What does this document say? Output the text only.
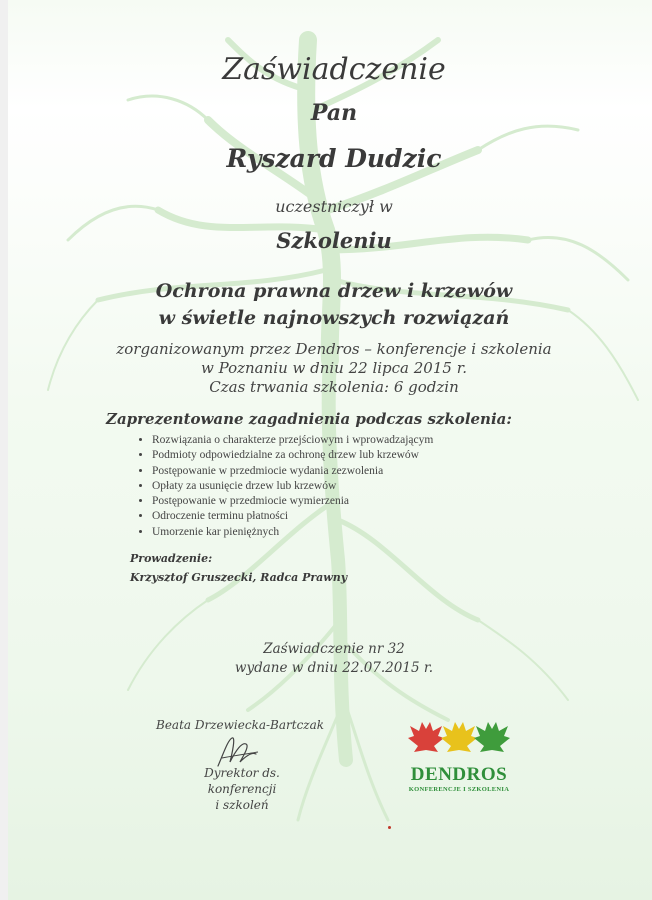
Zaświadczenie
Pan
Ryszard Dudzic
uczestniczył w
Szkoleniu
Ochrona prawna drzew i krzewów
w świetle najnowszych rozwiązań
zorganizowanym przez Dendros – konferencje i szkolenia
w Poznaniu w dniu 22 lipca 2015 r.
Czas trwania szkolenia: 6 godzin
Zaprezentowane zagadnienia podczas szkolenia:
• Rozwiązania o charakterze przejściowym i wprowadzającym
• Podmioty odpowiedzialne za ochronę drzew lub krzewów
• Postępowanie w przedmiocie wydania zezwolenia
• Opłaty za usunięcie drzew lub krzewów
• Postępowanie w przedmiocie wymierzenia
• Odroczenie terminu płatności
• Umorzenie kar pieniężnych
Prowadzenie:
Krzysztof Gruszecki, Radca Prawny
Zaświadczenie nr 32
wydane w dniu 22.07.2015 r.
Beata Drzewiecka-Bartczak
Dyrektor ds. konferencji
i szkoleń
DENDROS
KONFERENCJE I SZKOLENIA
